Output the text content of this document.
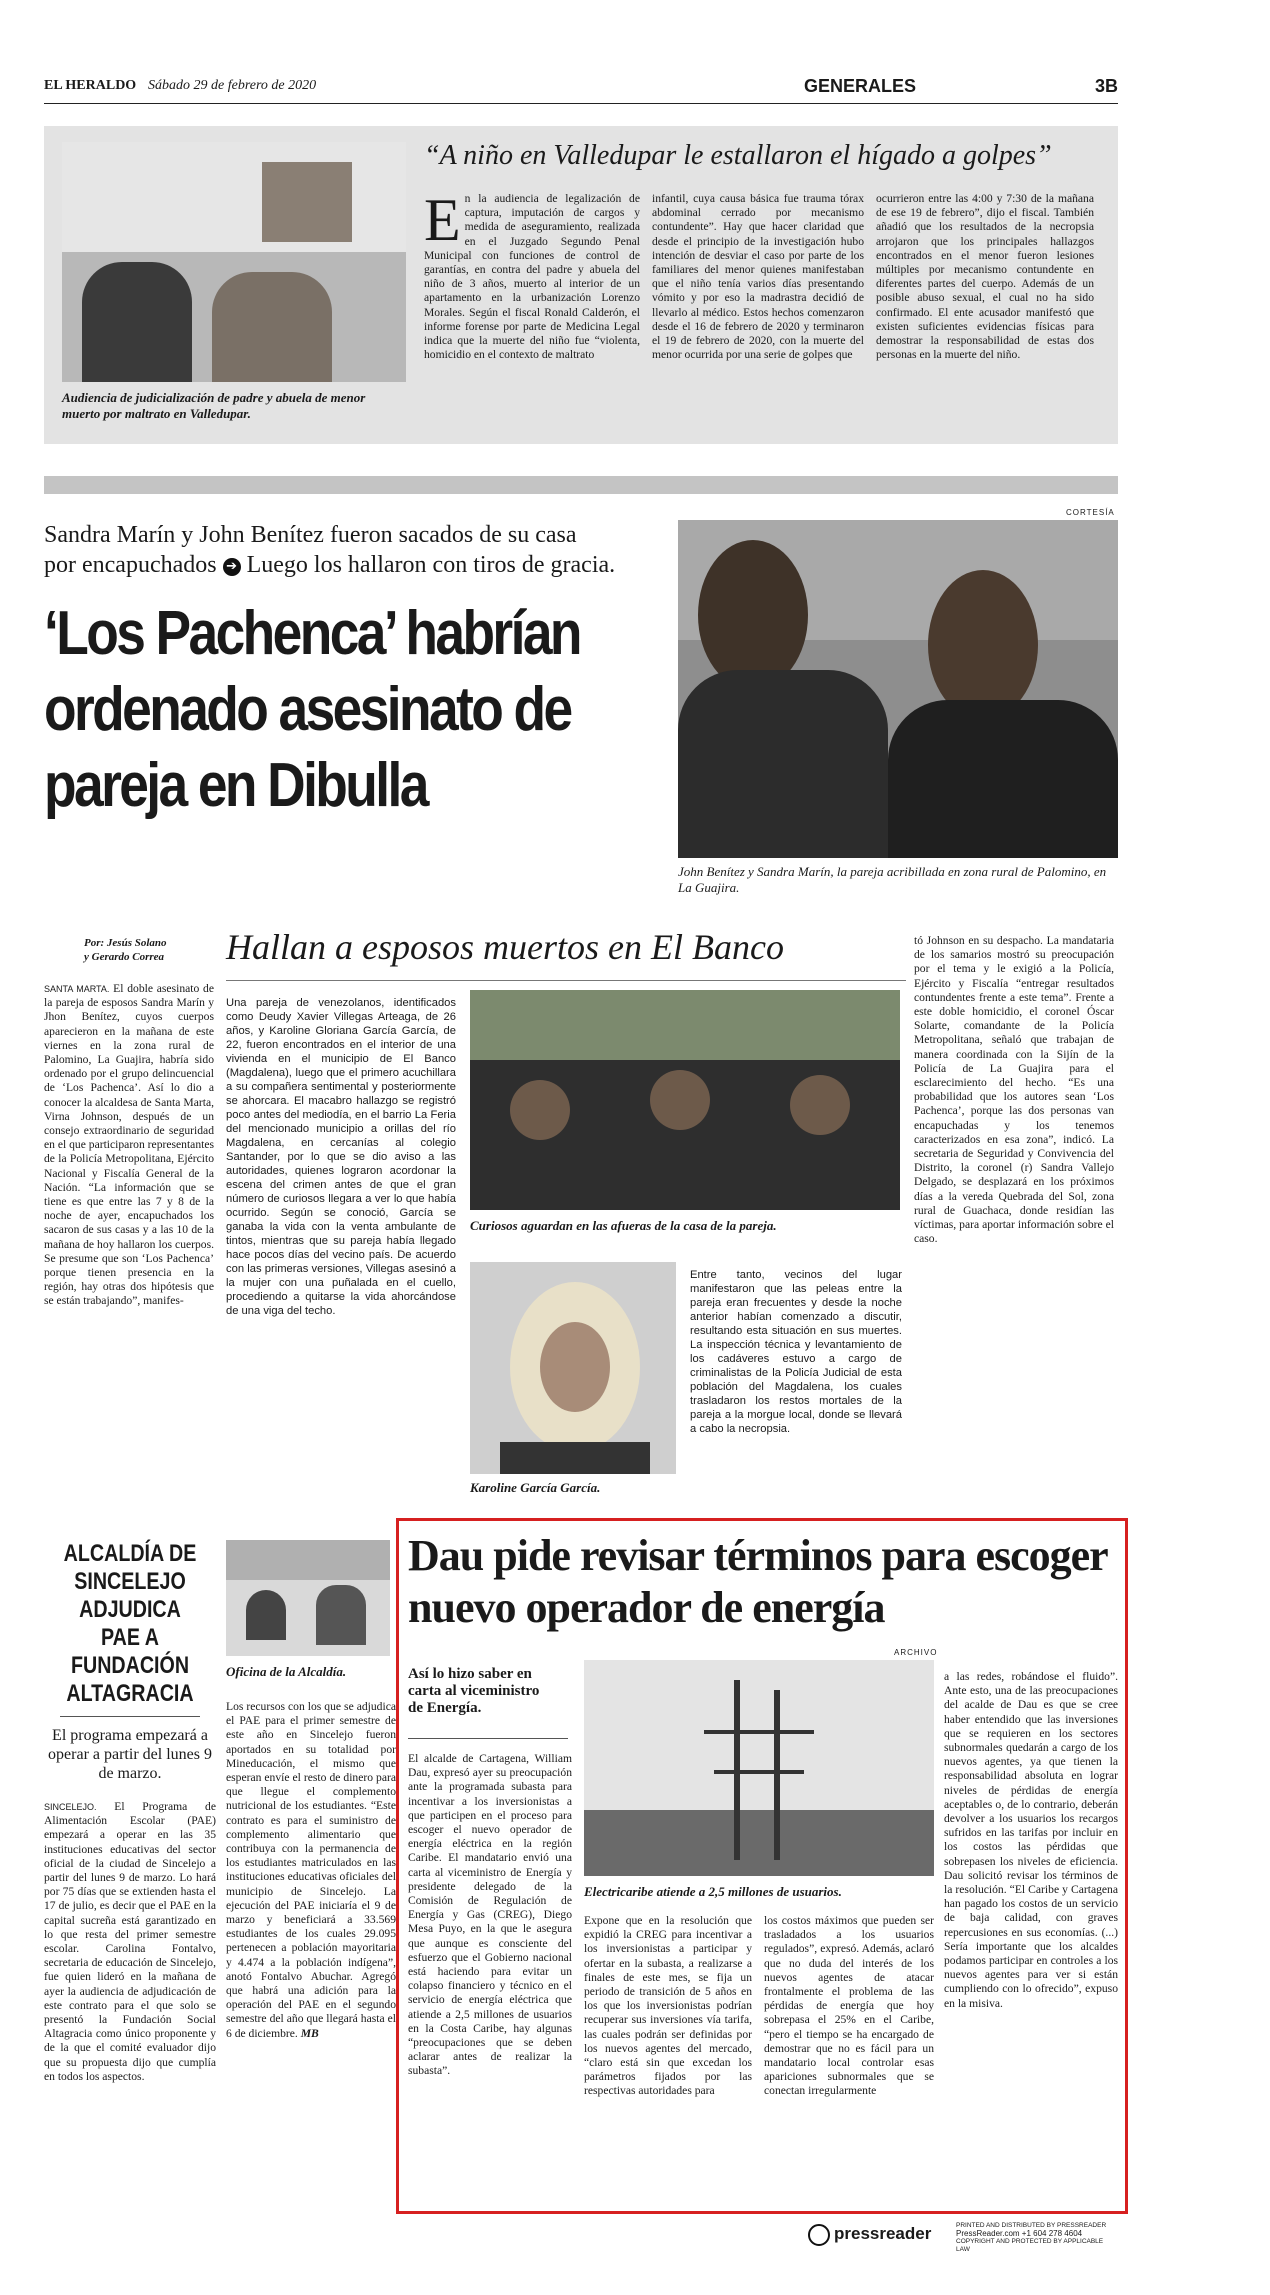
EL HERALDO Sábado 29 de febrero de 2020	GENERALES	3B
Audiencia de judicialización de padre y abuela de menor muerto por maltrato en Valledupar.
“A niño en Valledupar le estallaron el hígado a golpes”
E n la audiencia de legalización de captura, imputación de cargos y medida de aseguramiento, realizada en el Juzgado Segundo Penal Municipal con funciones de control de garantías, en contra del padre y abuela del niño de 3 años, muerto al interior de un apartamento en la urbanización Lorenzo Morales. Según el fiscal Ronald Calderón, el informe forense por parte de Medicina Legal indica que la muerte del niño fue “violenta, homicidio en el contexto de maltrato
infantil, cuya causa básica fue trauma tórax abdominal cerrado por mecanismo contundente”. Hay que hacer claridad que desde el principio de la investigación hubo intención de desviar el caso por parte de los familiares del menor quienes manifestaban que el niño tenía varios días presentando vómito y por eso la madrastra decidió de llevarlo al médico. Estos hechos comenzaron desde el 16 de febrero de 2020 y terminaron el 19 de febrero de 2020, con la muerte del menor ocurrida por una serie de golpes que
ocurrieron entre las 4:00 y 7:30 de la mañana de ese 19 de febrero”, dijo el fiscal. También añadió que los resultados de la necropsia arrojaron que los principales hallazgos encontrados en el menor fueron lesiones múltiples por mecanismo contundente en diferentes partes del cuerpo. Además de un posible abuso sexual, el cual no ha sido confirmado. El ente acusador manifestó que existen suficientes evidencias físicas para demostrar la responsabilidad de estas dos personas en la muerte del niño.
Sandra Marín y John Benítez fueron sacados de su casa
por encapuchados ➔ Luego los hallaron con tiros de gracia.
‘Los Pachenca’ habrían ordenado asesinato de pareja en Dibulla
CORTESÍA
John Benítez y Sandra Marín, la pareja acribillada en zona rural de Palomino, en La Guajira.
Por: Jesús Solano
y Gerardo Correa
SANTA MARTA. El doble asesinato de la pareja de esposos Sandra Marín y Jhon Benítez, cuyos cuerpos aparecieron en la mañana de este viernes en la zona rural de Palomino, La Guajira, habría sido ordenado por el grupo delincuencial de ‘Los Pachenca’. Así lo dio a conocer la alcaldesa de Santa Marta, Virna Johnson, después de un consejo extraordinario de seguridad en el que participaron representantes de la Policía Metropolitana, Ejército Nacional y Fiscalía General de la Nación. “La información que se tiene es que entre las 7 y 8 de la noche de ayer, encapuchados los sacaron de sus casas y a las 10 de la mañana de hoy hallaron los cuerpos. Se presume que son ‘Los Pachenca’ porque tienen presencia en la región, hay otras dos hipótesis que se están trabajando”, manifes-
Hallan a esposos muertos en El Banco
Una pareja de venezolanos, identificados como Deudy Xavier Villegas Arteaga, de 26 años, y Karoline Gloriana García García, de 22, fueron encontrados en el interior de una vivienda en el municipio de El Banco (Magdalena), luego que el primero acuchillara a su compañera sentimental y posteriormente se ahorcara. El macabro hallazgo se registró poco antes del mediodía, en el barrio La Feria del mencionado municipio a orillas del río Magdalena, en cercanías al colegio Santander, por lo que se dio aviso a las autoridades, quienes lograron acordonar la escena del crimen antes de que el gran número de curiosos llegara a ver lo que había ocurrido. Según se conoció, García se ganaba la vida con la venta ambulante de tintos, mientras que su pareja había llegado hace pocos días del vecino país. De acuerdo con las primeras versiones, Villegas asesinó a la mujer con una puñalada en el cuello, procediendo a quitarse la vida ahorcándose de una viga del techo.
Curiosos aguardan en las afueras de la casa de la pareja.
Karoline García García.
Entre tanto, vecinos del lugar manifestaron que las peleas entre la pareja eran frecuentes y desde la noche anterior habían comenzado a discutir, resultando esta situación en sus muertes. La inspección técnica y levantamiento de los cadáveres estuvo a cargo de criminalistas de la Policía Judicial de esta población del Magdalena, los cuales trasladaron los restos mortales de la pareja a la morgue local, donde se llevará a cabo la necropsia.
tó Johnson en su despacho. La mandataria de los samarios mostró su preocupación por el tema y le exigió a la Policía, Ejército y Fiscalía “entregar resultados contundentes frente a este tema”. Frente a este doble homicidio, el coronel Óscar Solarte, comandante de la Policía Metropolitana, señaló que trabajan de manera coordinada con la Sijín de la Policía de La Guajira para el esclarecimiento del hecho. “Es una probabilidad que los autores sean ‘Los Pachenca’, porque las dos personas van encapuchadas y los tenemos caracterizados en esa zona”, indicó. La secretaria de Seguridad y Convivencia del Distrito, la coronel (r) Sandra Vallejo Delgado, se desplazará en los próximos días a la vereda Quebrada del Sol, zona rural de Guachaca, donde residían las víctimas, para aportar información sobre el caso.
ALCALDÍA DE SINCELEJO ADJUDICA PAE A FUNDACIÓN ALTAGRACIA
El programa empezará a operar a partir del lunes 9 de marzo.
SINCELEJO. El Programa de Alimentación Escolar (PAE) empezará a operar en las 35 instituciones educativas del sector oficial de la ciudad de Sincelejo a partir del lunes 9 de marzo. Lo hará por 75 días que se extienden hasta el 17 de julio, es decir que el PAE en la capital sucreña está garantizado en lo que resta del primer semestre escolar. Carolina Fontalvo, secretaria de educación de Sincelejo, fue quien lideró en la mañana de ayer la audiencia de adjudicación de este contrato para el que solo se presentó la Fundación Social Altagracia como único proponente y de la que el comité evaluador dijo que su propuesta dijo que cumplía en todos los aspectos.
Oficina de la Alcaldía.
Los recursos con los que se adjudica el PAE para el primer semestre de este año en Sincelejo fueron aportados en su totalidad por Mineducación, el mismo que esperan envíe el resto de dinero para que llegue el complemento nutricional de los estudiantes. “Este contrato es para el suministro de complemento alimentario que contribuya con la permanencia de los estudiantes matriculados en las instituciones educativas oficiales del municipio de Sincelejo. La ejecución del PAE iniciaría el 9 de marzo y beneficiará a 33.569 estudiantes de los cuales 29.095 pertenecen a población mayoritaria y 4.474 a la población indígena”, anotó Fontalvo Abuchar. Agregó que habrá una adición para la operación del PAE en el segundo semestre del año que llegará hasta el 6 de diciembre. MB
Dau pide revisar términos para escoger nuevo operador de energía
ARCHIVO
Así lo hizo saber en carta al viceministro de Energía.
El alcalde de Cartagena, William Dau, expresó ayer su preocupación ante la programada subasta para incentivar a los inversionistas a que participen en el proceso para escoger el nuevo operador de energía eléctrica en la región Caribe. El mandatario envió una carta al viceministro de Energía y presidente delegado de la Comisión de Regulación de Energía y Gas (CREG), Diego Mesa Puyo, en la que le asegura que aunque es consciente del esfuerzo que el Gobierno nacional está haciendo para evitar un colapso financiero y técnico en el servicio de energía eléctrica que atiende a 2,5 millones de usuarios en la Costa Caribe, hay algunas “preocupaciones que se deben aclarar antes de realizar la subasta”.
Electricaribe atiende a 2,5 millones de usuarios.
Expone que en la resolución que expidió la CREG para incentivar a los inversionistas a participar y ofertar en la subasta, a realizarse a finales de este mes, se fija un periodo de transición de 5 años en los que los inversionistas podrían recuperar sus inversiones vía tarifa, las cuales podrán ser definidas por los nuevos agentes del mercado, “claro está sin que excedan los parámetros fijados por las respectivas autoridades para
los costos máximos que pueden ser trasladados a los usuarios regulados”, expresó. Además, aclaró que no duda del interés de los nuevos agentes de atacar frontalmente el problema de las pérdidas de energía que hoy sobrepasa el 25% en el Caribe, “pero el tiempo se ha encargado de demostrar que no es fácil para un mandatario local controlar esas apariciones subnormales que se conectan irregularmente
a las redes, robándose el fluido”. Ante esto, una de las preocupaciones del acalde de Dau es que se cree haber entendido que las inversiones que se requieren en los sectores subnormales quedarán a cargo de los nuevos agentes, ya que tienen la responsabilidad absoluta en lograr niveles de pérdidas de energía aceptables o, de lo contrario, deberán devolver a los usuarios los recargos sufridos en las tarifas por incluir en los costos las pérdidas que sobrepasen los niveles de eficiencia. Dau solicitó revisar los términos de la resolución. “El Caribe y Cartagena han pagado los costos de un servicio de baja calidad, con graves repercusiones en sus economías. (...) Sería importante que los alcaldes podamos participar en controles a los nuevos agentes para ver si están cumpliendo con lo ofrecido”, expuso en la misiva.
pressreader	PRINTED AND DISTRIBUTED BY PRESSREADER
PressReader.com +1 604 278 4604
COPYRIGHT AND PROTECTED BY APPLICABLE LAW
